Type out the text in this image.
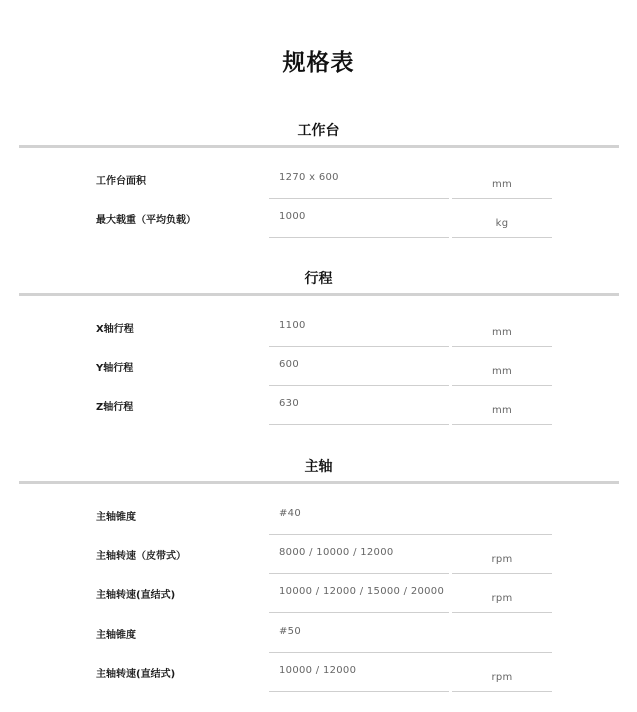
规格表
工作台
工作台面积	1270 x 600
$_{mm}$
最大载重（平均负载）	1000
$_{kg}$
行程
X轴行程	1100
$_{mm}$
Y轴行程	600
$_{mm}$
Z轴行程	630
$_{mm}$
主轴
主轴锥度	#40
主轴转速（皮带式）	8000 / 10000 / 12000
$_{rpm}$
主轴转速(直结式)	10000 / 12000 / 15000 / 20000
$_{rpm}$
主轴锥度	#50
主轴转速(直结式)	10000 / 12000
$_{rpm}$
